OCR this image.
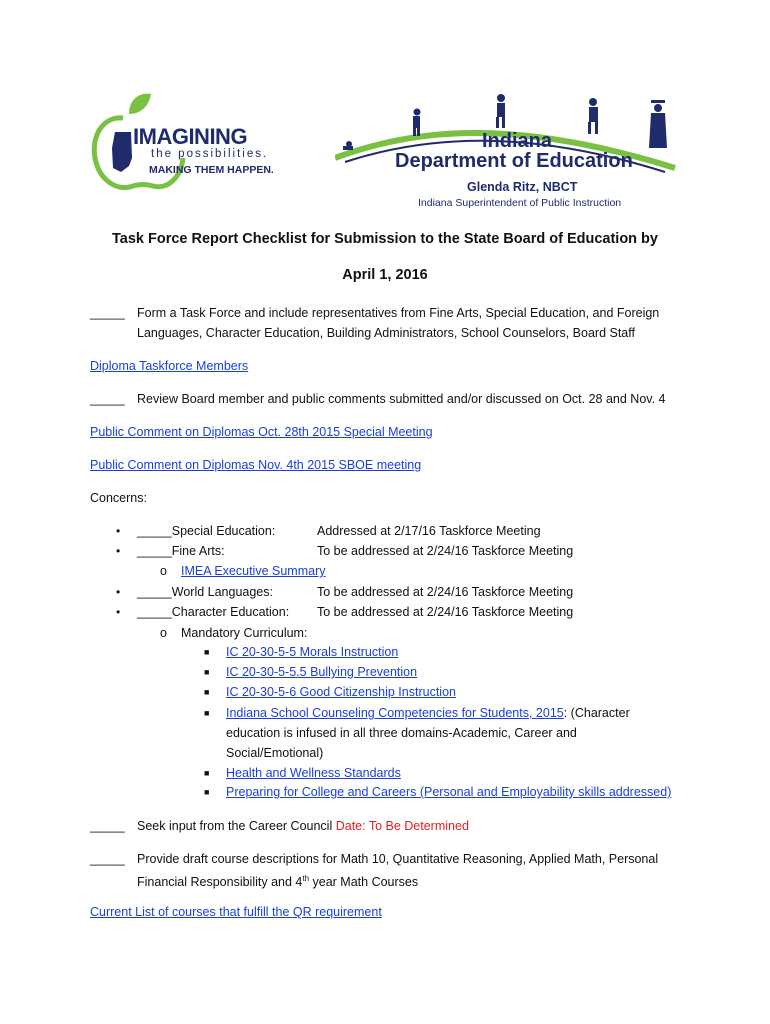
IMAGINING
the possibilities.
MAKING THEM HAPPEN.
Indiana
Department of Education
Glenda Ritz, NBCT
Indiana Superintendent of Public Instruction
Task Force Report Checklist for Submission to the State Board of Education by
April 1, 2016
_____ Form a Task Force and include representatives from Fine Arts, Special Education, and Foreign
Languages, Character Education, Building Administrators, School Counselors, Board Staff
Diploma Taskforce Members
_____ Review Board member and public comments submitted and/or discussed on Oct. 28 and Nov. 4
Public Comment on Diplomas Oct. 28th 2015 Special Meeting
Public Comment on Diplomas Nov. 4th 2015 SBOE meeting
Concerns:
• _____Special Education:	Addressed at 2/17/16 Taskforce Meeting
• _____Fine Arts:	To be addressed at 2/24/16 Taskforce Meeting
o IMEA Executive Summary
• _____World Languages:	To be addressed at 2/24/16 Taskforce Meeting
• _____Character Education: To be addressed at 2/24/16 Taskforce Meeting
o Mandatory Curriculum:
■ IC 20-30-5-5 Morals Instruction
■ IC 20-30-5-5.5 Bullying Prevention
■ IC 20-30-5-6 Good Citizenship Instruction
■ Indiana School Counseling Competencies for Students, 2015: (Character
education is infused in all three domains-Academic, Career and
Social/Emotional)
■ Health and Wellness Standards
■ Preparing for College and Careers (Personal and Employability skills addressed)
_____ Seek input from the Career Council Date: To Be Determined
_____ Provide draft course descriptions for Math 10, Quantitative Reasoning, Applied Math, Personal
Financial Responsibility and 4th year Math Courses
Current List of courses that fulfill the QR requirement
